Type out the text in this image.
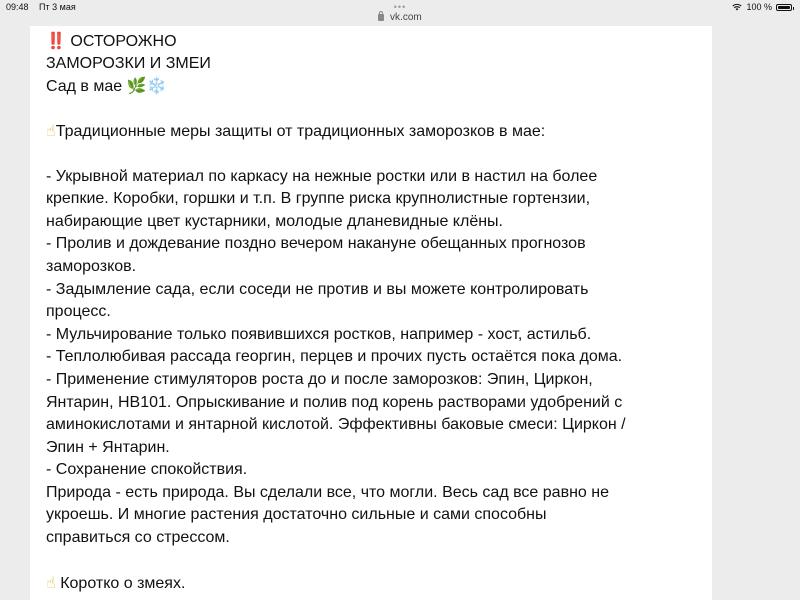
09:48 Пт 3 мая	•••	100 %
vk.com
‼️ ОСТОРОЖНО
ЗАМОРОЗКИ И ЗМЕИ
Сад в мае 🌿❄️
☝Традиционные меры защиты от традиционных заморозков в мае:
- Укрывной материал по каркасу на нежные ростки или в настил на более
крепкие. Коробки, горшки и т.п. В группе риска крупнолистные гортензии,
набирающие цвет кустарники, молодые дланевидные клёны.
- Пролив и дождевание поздно вечером накануне обещанных прогнозов
заморозков.
- Задымление сада, если соседи не против и вы можете контролировать
процесс.
- Мульчирование только появившихся ростков, например - хост, астильб.
- Теплолюбивая рассада георгин, перцев и прочих пусть остаётся пока дома.
- Применение стимуляторов роста до и после заморозков: Эпин, Циркон,
Янтарин, НВ101. Опрыскивание и полив под корень растворами удобрений с
аминокислотами и янтарной кислотой. Эффективны баковые смеси: Циркон /
Эпин + Янтарин.
- Сохранение спокойствия.
Природа - есть природа. Вы сделали все, что могли. Весь сад все равно не
укроешь. И многие растения достаточно сильные и сами способны
справиться со стрессом.
☝ Коротко о змеях.
